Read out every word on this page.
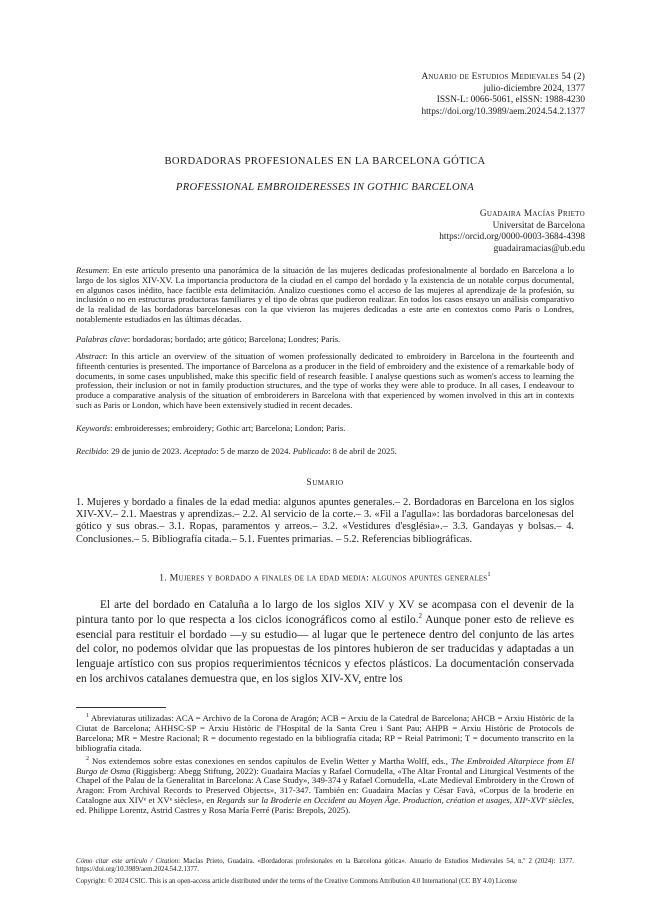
Anuario de Estudios Medievales 54 (2)
julio-diciembre 2024, 1377
ISSN-L: 0066-5061, eISSN: 1988-4230
https://doi.org/10.3989/aem.2024.54.2.1377
BORDADORAS PROFESIONALES EN LA BARCELONA GÓTICA
PROFESSIONAL EMBROIDERESSES IN GOTHIC BARCELONA
Guadaira Macías Prieto
Universitat de Barcelona
https://orcid.org/0000-0003-3684-4398
guadairamacias@ub.edu
Resumen: En este artículo presento una panorámica de la situación de las mujeres dedicadas profesionalmente al bordado en Barcelona a lo largo de los siglos XIV-XV. La importancia productora de la ciudad en el campo del bordado y la existencia de un notable corpus documental, en algunos casos inédito, hace factible esta delimitación. Analizo cuestiones como el acceso de las mujeres al aprendizaje de la profesión, su inclusión o no en estructuras productoras familiares y el tipo de obras que pudieron realizar. En todos los casos ensayo un análisis comparativo de la realidad de las bordadoras barcelonesas con la que vivieron las mujeres dedicadas a este arte en contextos como París o Londres, notablemente estudiados en las últimas décadas.
Palabras clave: bordadoras; bordado; arte gótico; Barcelona; Londres; París.
Abstract: In this article an overview of the situation of women professionally dedicated to embroidery in Barcelona in the fourteenth and fifteenth centuries is presented. The importance of Barcelona as a producer in the field of embroidery and the existence of a remarkable body of documents, in some cases unpublished, make this specific field of research feasible. I analyse questions such as women's access to learning the profession, their inclusion or not in family production structures, and the type of works they were able to produce. In all cases, I endeavour to produce a comparative analysis of the situation of embroiderers in Barcelona with that experienced by women involved in this art in contexts such as Paris or London, which have been extensively studied in recent decades.
Keywords: embroideresses; embroidery; Gothic art; Barcelona; London; Paris.
Recibido: 29 de junio de 2023. Aceptado: 5 de marzo de 2024. Publicado: 8 de abril de 2025.
Sumario
1. Mujeres y bordado a finales de la edad media: algunos apuntes generales.– 2. Bordadoras en Barcelona en los siglos XIV-XV.– 2.1. Maestras y aprendizas.– 2.2. Al servicio de la corte.– 3. «Fil a l'agulla»: las bordadoras barcelonesas del gótico y sus obras.– 3.1. Ropas, paramentos y arreos.– 3.2. «Vestidures d'església».– 3.3. Gandayas y bolsas.– 4. Conclusiones.– 5. Bibliografía citada.– 5.1. Fuentes primarias. – 5.2. Referencias bibliográficas.
1. Mujeres y bordado a finales de la edad media: algunos apuntes generales$^1$
El arte del bordado en Cataluña a lo largo de los siglos XIV y XV se acompasa con el devenir de la pintura tanto por lo que respecta a los ciclos iconográficos como al estilo.$^2$ Aunque poner esto de relieve es esencial para restituir el bordado —y su estudio— al lugar que le pertenece dentro del conjunto de las artes del color, no podemos olvidar que las propuestas de los pintores hubieron de ser traducidas y adaptadas a un lenguaje artístico con sus propios requerimientos técnicos y efectos plásticos. La documentación conservada en los archivos catalanes demuestra que, en los siglos XIV-XV, entre los

$^1$ Abreviaturas utilizadas: ACA = Archivo de la Corona de Aragón; ACB = Arxiu de la Catedral de Barcelona; AHCB = Arxiu Històric de la Ciutat de Barcelona; AHHSC-SP = Arxiu Històric de l'Hospital de la Santa Creu i Sant Pau; AHPB = Arxiu Històric de Protocols de Barcelona; MR = Mestre Racional; R = documento regestado en la bibliografía citada; RP = Reial Patrimoni; T = documento transcrito en la bibliografía citada.

$^2$ Nos extendemos sobre estas conexiones en sendos capítulos de Evelin Wetter y Martha Wolff, eds., The Embroided Altarpiece from El Burgo de Osma (Riggisberg: Abegg Stiftung, 2022): Guadaira Macías y Rafael Cornudella, «The Altar Frontal and Liturgical Vestments of the Chapel of the Palau de la Generalitat in Barcelona: A Case Study», 349-374 y Rafael Cornudella, «Late Medieval Embroidery in the Crown of Aragon: From Archival Records to Preserved Objects», 317-347. También en: Guadaira Macías y César Favà, «Corpus de la broderie en Catalogne aux XIVᵉ et XVᵉ siècles», en Regards sur la Broderie en Occident au Moyen Âge. Production, création et usages, XIIᵉ-XVIᵉ siècles, ed. Philippe Lorentz, Astrid Castres y Rosa María Ferré (Paris: Brepols, 2025).

Cómo citar este artículo / Citation: Macías Prieto, Guadaira. «Bordadoras profesionales en la Barcelona gótica». Anuario de Estudios Medievales 54, n.º 2 (2024): 1377. https://doi.org/10.3989/aem.2024.54.2.1377.
Copyright: © 2024 CSIC. This is an open-access article distributed under the terms of the Creative Commons Attribution 4.0 International (CC BY 4.0) License
